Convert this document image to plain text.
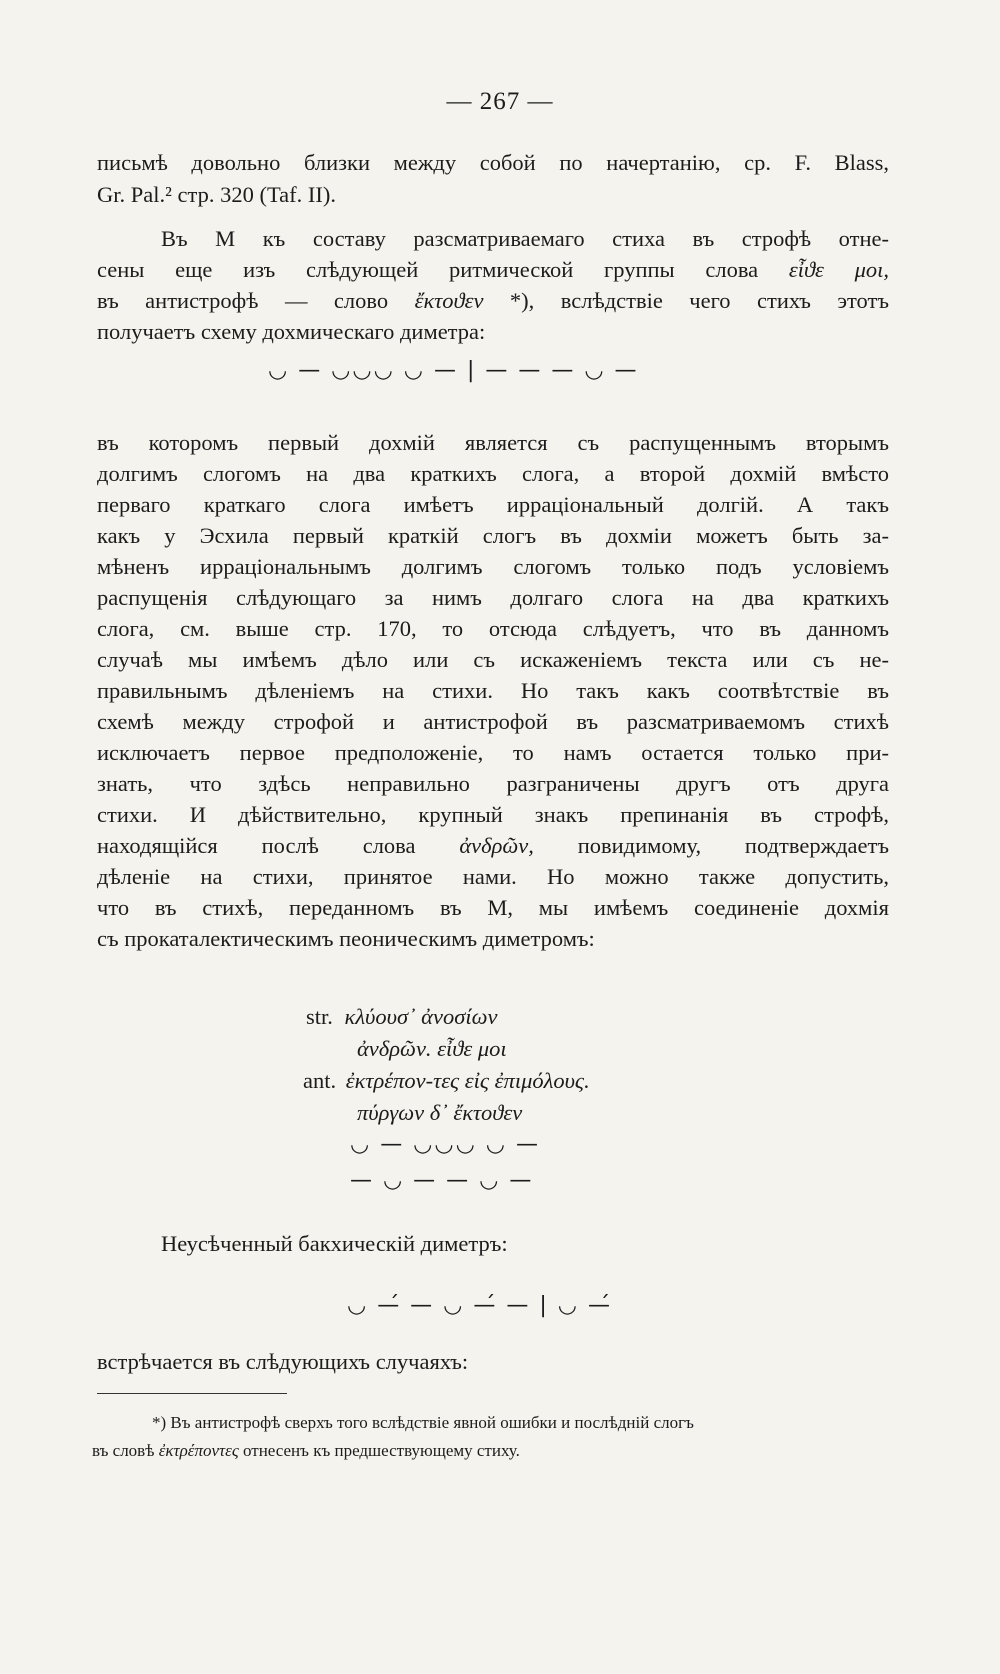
— 267 —
письмѣ довольно близки между собой по начертанію, ср. F. Blass,
Gr. Pal.² стр. 320 (Taf. II).
Въ M къ составу разсматриваемаго стиха въ строфѣ отне-
сены еще изъ слѣдующей ритмической группы слова εἶϑε μοι,
въ антистрофѣ — слово ἔκτοϑεν *), вслѣдствіе чего стихъ этотъ
получаетъ схему дохмическаго диметра:
◡ — ◡◡◡ ◡ — | — — — ◡ —
въ которомъ первый дохмій является съ распущеннымъ вторымъ
долгимъ слогомъ на два краткихъ слога, а второй дохмій вмѣсто
перваго краткаго слога имѣетъ ирраціональный долгій. А такъ
какъ у Эсхила первый краткій слогъ въ дохміи можетъ быть за-
мѣненъ ирраціональнымъ долгимъ слогомъ только подъ условіемъ
распущенія слѣдующаго за нимъ долгаго слога на два краткихъ
слога, см. выше стр. 170, то отсюда слѣдуетъ, что въ данномъ
случаѣ мы имѣемъ дѣло или съ искаженіемъ текста или съ не-
правильнымъ дѣленіемъ на стихи. Но такъ какъ соотвѣтствіе въ
схемѣ между строфой и антистрофой въ разсматриваемомъ стихѣ
исключаетъ первое предположеніе, то намъ остается только при-
знать, что здѣсь неправильно разграничены другъ отъ друга
стихи. И дѣйствительно, крупный знакъ препинанія въ строфѣ,
находящійся послѣ слова ἀνδρῶν, повидимому, подтверждаетъ
дѣленіе на стихи, принятое нами. Но можно также допустить,
что въ стихѣ, переданномъ въ M, мы имѣемъ соединеніе дохмія
съ прокаталектическимъ пеоническимъ диметромъ:
str. κλύουσ᾽ ἀνοσίων
ἀνδρῶν. εἶϑε μοι
ant. ἐκτρέπον-τες εἰς ἐπιμόλους.
πύργων δ᾽ ἔκτοϑεν
◡ — ◡◡◡ ◡ —
— ◡ — — ◡ —
Неусѣченный бакхическій диметръ:
◡ —́ — ◡ —́ — | ◡ —́
встрѣчается въ слѣдующихъ случаяхъ:
*) Въ антистрофѣ сверхъ того вслѣдствіе явной ошибки и послѣдній слогъ
въ словѣ ἐκτρέποντες отнесенъ къ предшествующему стиху.
